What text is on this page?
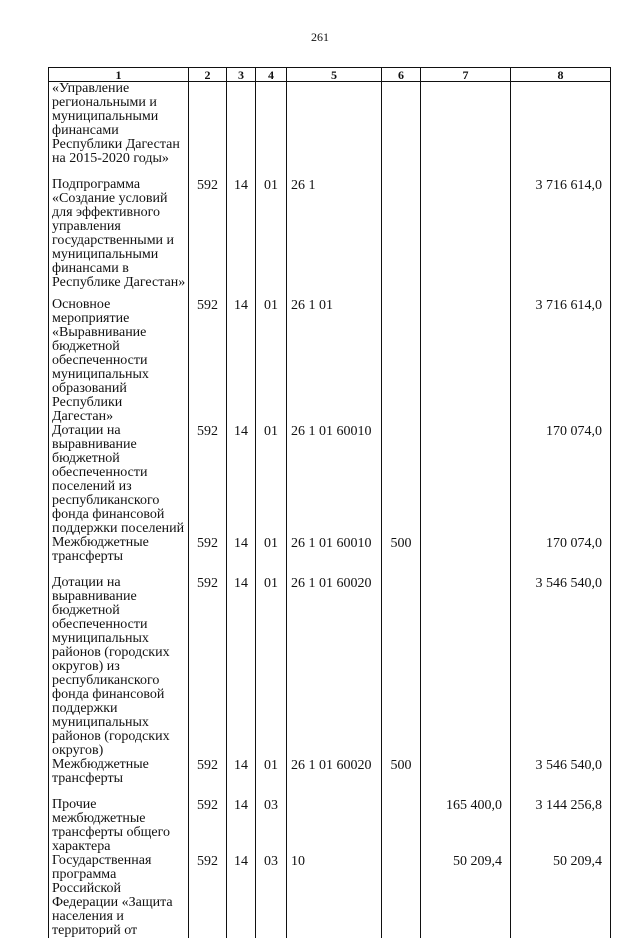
261
1	2	3	4	5	6	7	8
«Управление региональными и муниципальными финансами Республики Дагестан на 2015-2020 годы»							
Подпрограмма «Создание условий для эффективного управления государственными и муниципальными финансами в Республике Дагестан»	592	14	01	26 1			3 716 614,0
Основное мероприятие «Выравнивание бюджетной обеспеченности муниципальных образований Республики Дагестан»	592	14	01	26 1 01			3 716 614,0
Дотации на выравнивание бюджетной обеспеченности поселений из республиканского фонда финансовой поддержки поселений	592	14	01	26 1 01 60010			170 074,0
Межбюджетные трансферты	592	14	01	26 1 01 60010	500		170 074,0
Дотации на выравнивание бюджетной обеспеченности муниципальных районов (городских округов) из республиканского фонда финансовой поддержки муниципальных районов (городских округов)	592	14	01	26 1 01 60020			3 546 540,0
Межбюджетные трансферты	592	14	01	26 1 01 60020	500		3 546 540,0
Прочие межбюджетные трансферты общего характера	592	14	03			165 400,0	3 144 256,8
Государственная программа Российской Федерации «Защита населения и территорий от	592	14	03	10		50 209,4	50 209,4
